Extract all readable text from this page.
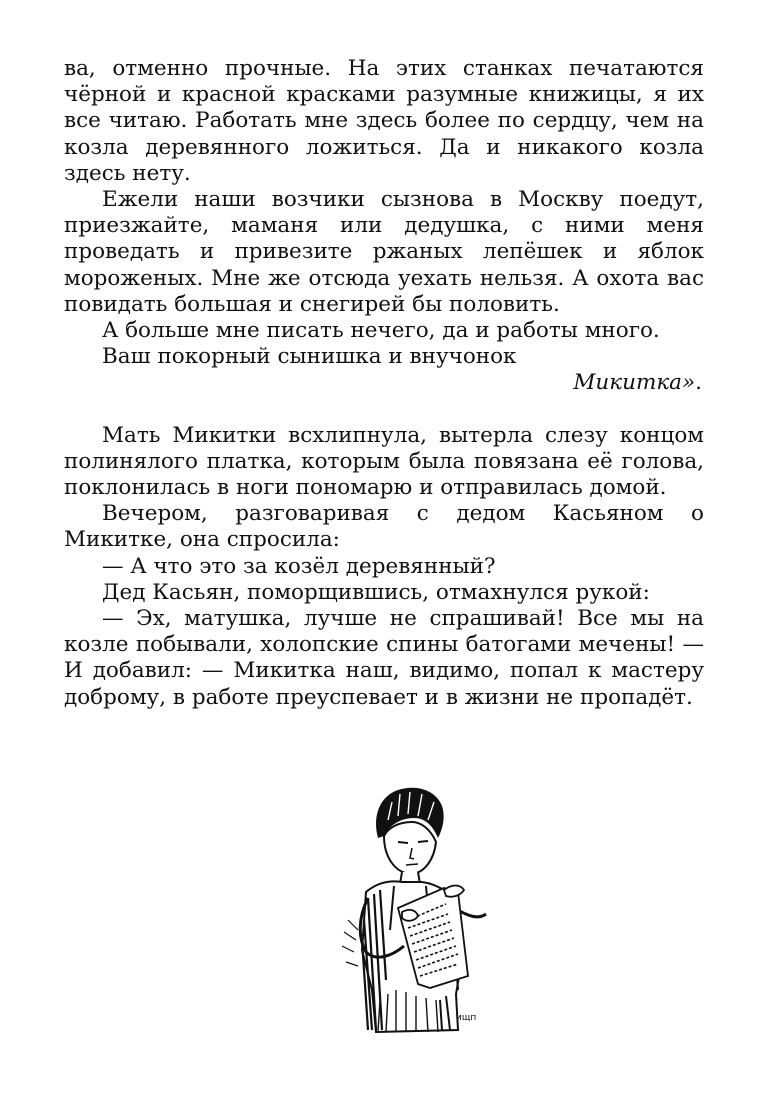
ва, отменно прочные. На этих станках печатаются чёрной и красной красками разумные книжицы, я их все читаю. Работать мне здесь более по сердцу, чем на козла деревянного ложиться. Да и никакого козла здесь нету.

Ежели наши возчики сызнова в Москву поедут, приезжайте, маманя или дедушка, с ними меня проведать и привезите ржаных лепёшек и яблок мороженых. Мне же отсюда уехать нельзя. А охота вас повидать большая и снегирей бы половить.

А больше мне писать нечего, да и работы много.

Ваш покорный сынишка и внучонок

Микитка».

Мать Микитки всхлипнула, вытерла слезу концом полинялого платка, которым была повязана её голова, поклонилась в ноги пономарю и отправилась домой.

Вечером, разговаривая с дедом Касьяном о Микитке, она спросила:

— А что это за козёл деревянный?

Дед Касьян, поморщившись, отмахнулся рукой:

— Эх, матушка, лучше не спрашивай! Все мы на козле побывали, холопские спины батогами мечены! — И добавил: — Микитка наш, видимо, попал к мастеру доброму, в работе преуспевает и в жизни не пропадёт.

ищп
